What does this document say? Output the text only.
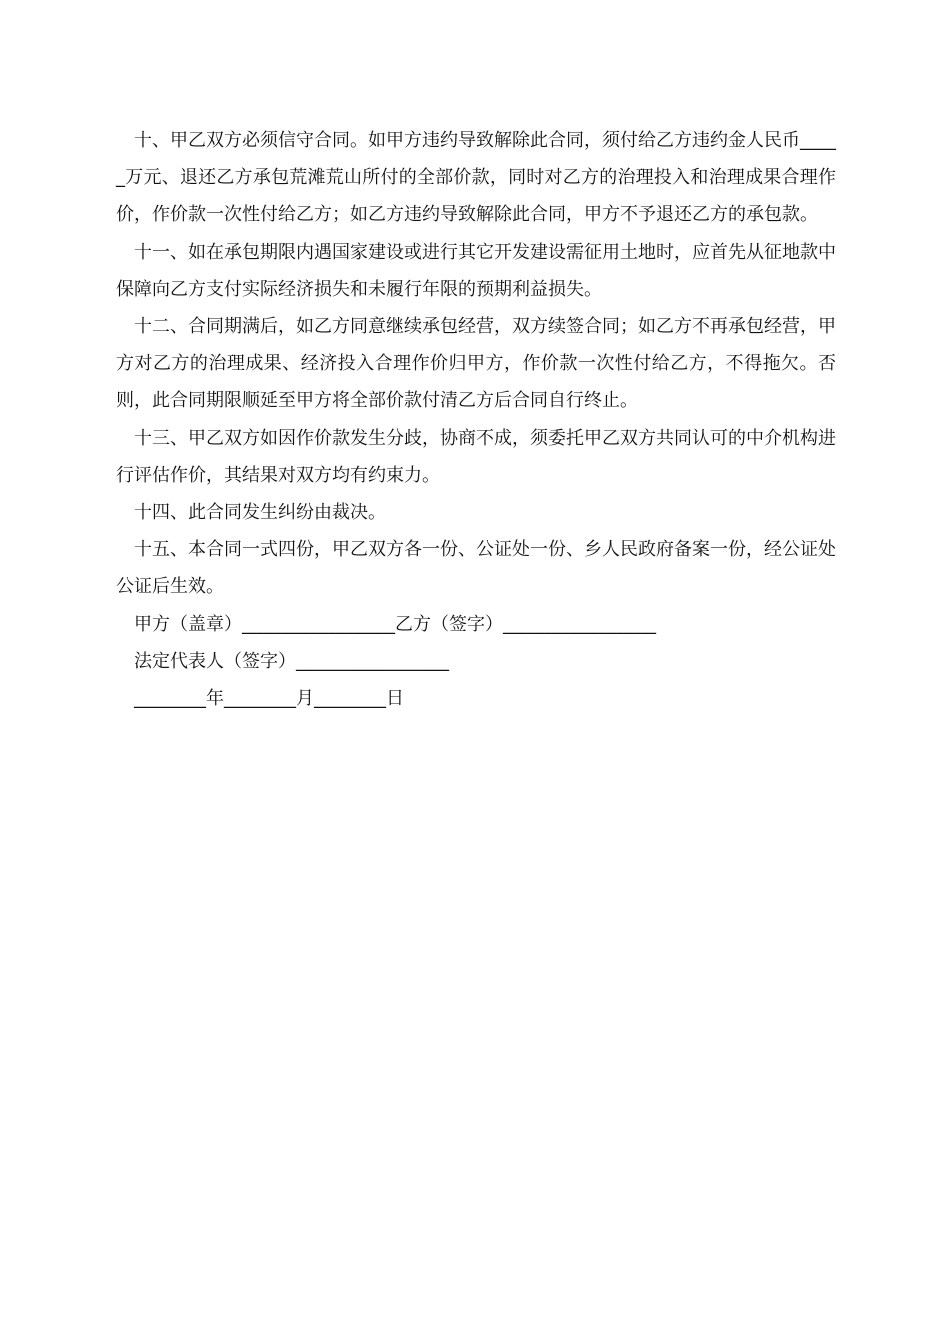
十、甲乙双方必须信守合同。如甲方违约导致解除此合同，须付给乙方违约金人民币_____万元、退还乙方承包荒滩荒山所付的全部价款，同时对乙方的治理投入和治理成果合理作价，作价款一次性付给乙方；如乙方违约导致解除此合同，甲方不予退还乙方的承包款。

十一、如在承包期限内遇国家建设或进行其它开发建设需征用土地时，应首先从征地款中保障向乙方支付实际经济损失和未履行年限的预期利益损失。

十二、合同期满后，如乙方同意继续承包经营，双方续签合同；如乙方不再承包经营，甲方对乙方的治理成果、经济投入合理作价归甲方，作价款一次性付给乙方，不得拖欠。否则，此合同期限顺延至甲方将全部价款付清乙方后合同自行终止。

十三、甲乙双方如因作价款发生分歧，协商不成，须委托甲乙双方共同认可的中介机构进行评估作价，其结果对双方均有约束力。

十四、此合同发生纠纷由裁决。

十五、本合同一式四份，甲乙双方各一份、公证处一份、乡人民政府备案一份，经公证处公证后生效。

甲方（盖章）_________________乙方（签字）_________________

法定代表人（签字）_________________

________年________月________日
